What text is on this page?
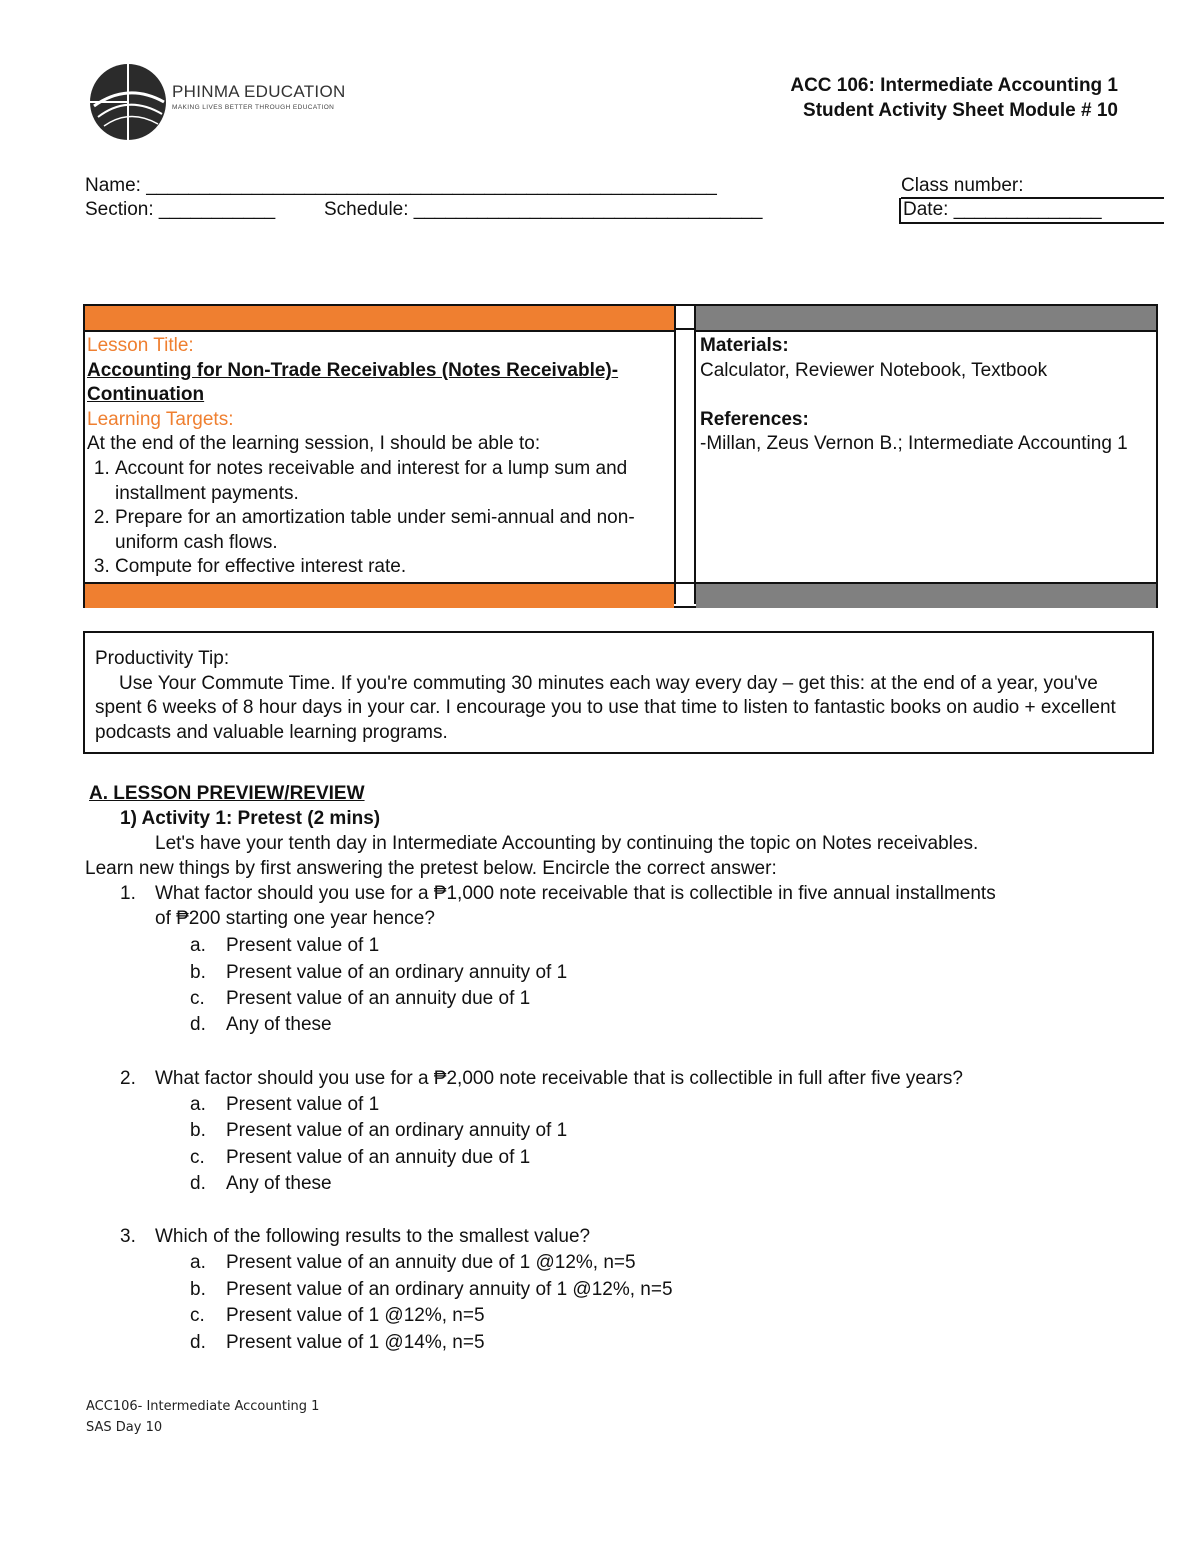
PHINMA EDUCATION
MAKING LIVES BETTER THROUGH EDUCATION
ACC 106: Intermediate Accounting 1
Student Activity Sheet Module # 10
Name: ______________________________________________________
Section: ___________	Schedule: _________________________________
Class number:
Date: ______________
Lesson Title:
Accounting for Non-Trade Receivables (Notes Receivable)- Continuation
Learning Targets:
At the end of the learning session, I should be able to:
1. Account for notes receivable and interest for a lump sum and installment payments.
2. Prepare for an amortization table under semi-annual and non-uniform cash flows.
3. Compute for effective interest rate.
Materials:
Calculator, Reviewer Notebook, Textbook
References:
-Millan, Zeus Vernon B.; Intermediate Accounting 1
Productivity Tip:
Use Your Commute Time. If you're commuting 30 minutes each way every day – get this: at the end of a year, you've spent 6 weeks of 8 hour days in your car. I encourage you to use that time to listen to fantastic books on audio + excellent podcasts and valuable learning programs.
A. LESSON PREVIEW/REVIEW
1) Activity 1: Pretest (2 mins)
Let's have your tenth day in Intermediate Accounting by continuing the topic on Notes receivables.
Learn new things by first answering the pretest below. Encircle the correct answer:
1. What factor should you use for a ₱1,000 note receivable that is collectible in five annual installments
of ₱200 starting one year hence?
a. Present value of 1
b. Present value of an ordinary annuity of 1
c. Present value of an annuity due of 1
d. Any of these
2. What factor should you use for a ₱2,000 note receivable that is collectible in full after five years?
a. Present value of 1
b. Present value of an ordinary annuity of 1
c. Present value of an annuity due of 1
d. Any of these
3. Which of the following results to the smallest value?
a. Present value of an annuity due of 1 @12%, n=5
b. Present value of an ordinary annuity of 1 @12%, n=5
c. Present value of 1 @12%, n=5
d. Present value of 1 @14%, n=5
ACC106- Intermediate Accounting 1
SAS Day 10
